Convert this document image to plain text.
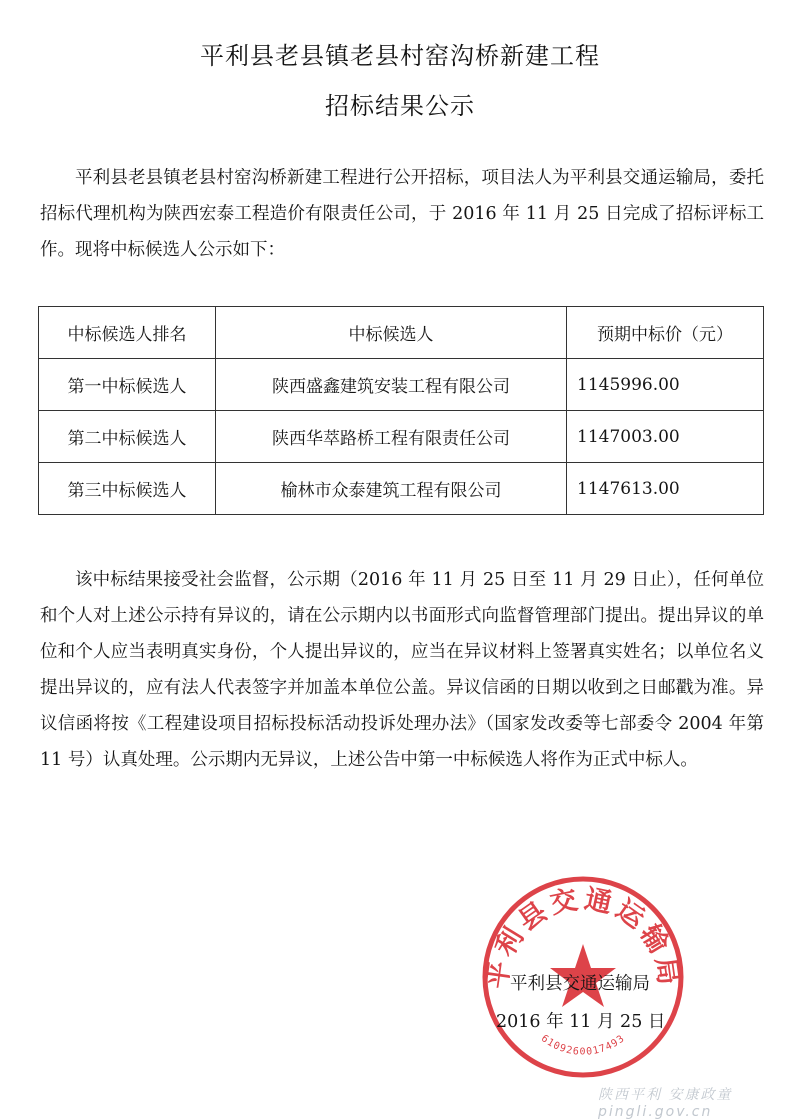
平利县老县镇老县村窑沟桥新建工程
招标结果公示

平利县老县镇老县村窑沟桥新建工程进行公开招标，项目法人为平利县交通运输局，委托招标代理机构为陕西宏泰工程造价有限责任公司，于 2016 年 11 月 25 日完成了招标评标工作。现将中标候选人公示如下：

中标候选人排名	中标候选人	预期中标价（元）
第一中标候选人	陕西盛鑫建筑安装工程有限公司	1145996.00
第二中标候选人	陕西华萃路桥工程有限责任公司	1147003.00
第三中标候选人	榆林市众泰建筑工程有限公司	1147613.00

该中标结果接受社会监督，公示期（2016 年 11 月 25 日至 11 月 29 日止），任何单位和个人对上述公示持有异议的，请在公示期内以书面形式向监督管理部门提出。提出异议的单位和个人应当表明真实身份，个人提出异议的，应当在异议材料上签署真实姓名；以单位名义提出异议的，应有法人代表签字并加盖本单位公盖。异议信函的日期以收到之日邮戳为准。异议信函将按《工程建设项目招标投标活动投诉处理办法》（国家发改委等七部委令 2004 年第 11 号）认真处理。公示期内无异议，上述公告中第一中标候选人将作为正式中标人。

平利县交通运输局
6109260017493
平利县交通运输局
2016 年 11 月 25 日
陕西平利 安康政童 pingli.gov.cn
